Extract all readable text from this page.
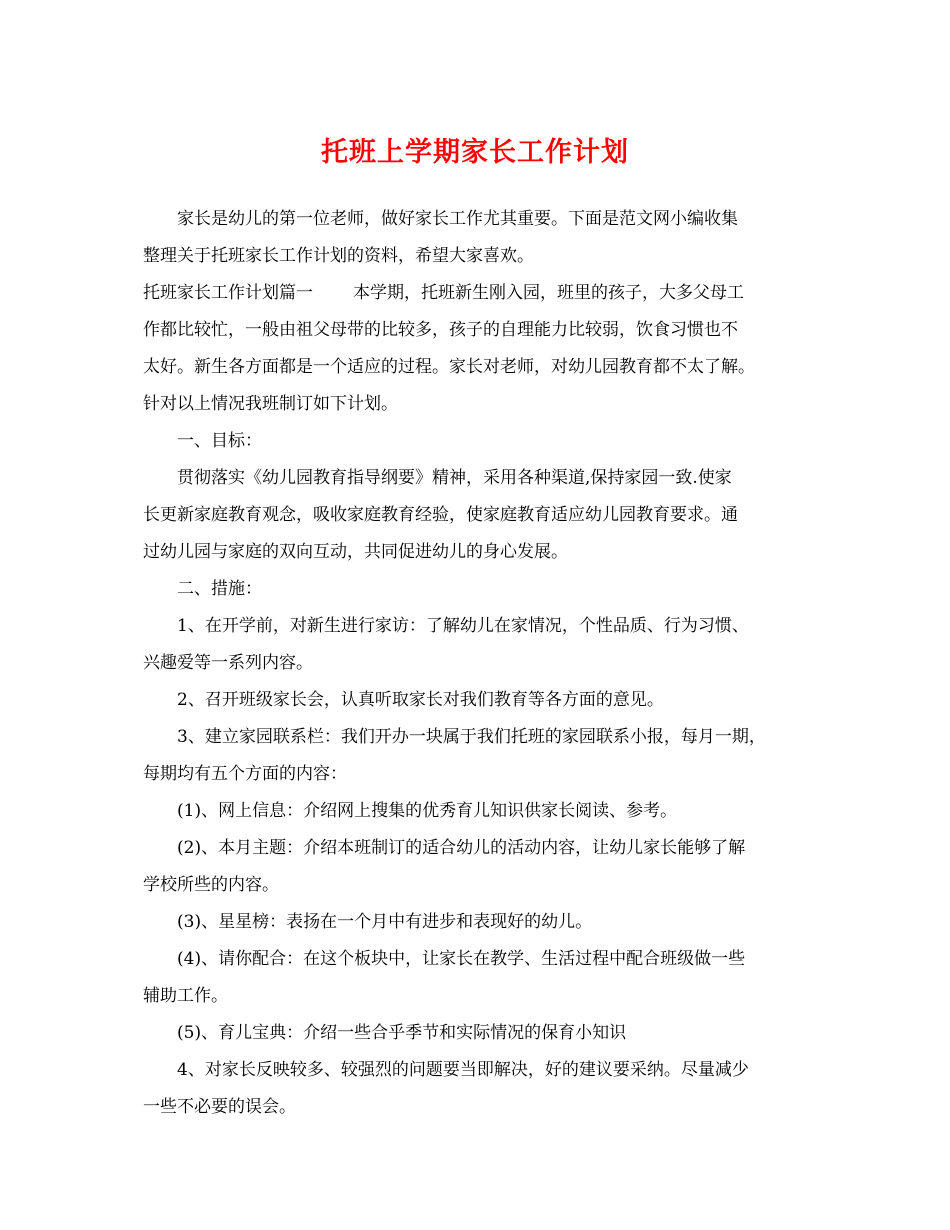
托班上学期家长工作计划
家长是幼儿的第一位老师，做好家长工作尤其重要。下面是范文网小编收集
整理关于托班家长工作计划的资料，希望大家喜欢。
托班家长工作计划篇一 本学期，托班新生刚入园，班里的孩子，大多父母工
作都比较忙，一般由祖父母带的比较多，孩子的自理能力比较弱，饮食习惯也不
太好。新生各方面都是一个适应的过程。家长对老师，对幼儿园教育都不太了解。
针对以上情况我班制订如下计划。
一、目标：
贯彻落实《幼儿园教育指导纲要》精神，采用各种渠道,保持家园一致.使家
长更新家庭教育观念，吸收家庭教育经验，使家庭教育适应幼儿园教育要求。通
过幼儿园与家庭的双向互动，共同促进幼儿的身心发展。
二、措施：
1、在开学前，对新生进行家访：了解幼儿在家情况，个性品质、行为习惯、
兴趣爱等一系列内容。
2、召开班级家长会，认真听取家长对我们教育等各方面的意见。
3、建立家园联系栏：我们开办一块属于我们托班的家园联系小报，每月一期，
每期均有五个方面的内容：
(1)、网上信息：介绍网上搜集的优秀育儿知识供家长阅读、参考。
(2)、本月主题：介绍本班制订的适合幼儿的活动内容，让幼儿家长能够了解
学校所些的内容。
(3)、星星榜：表扬在一个月中有进步和表现好的幼儿。
(4)、请你配合：在这个板块中，让家长在教学、生活过程中配合班级做一些
辅助工作。
(5)、育儿宝典：介绍一些合乎季节和实际情况的保育小知识
4、对家长反映较多、较强烈的问题要当即解决，好的建议要采纳。尽量减少
一些不必要的误会。
